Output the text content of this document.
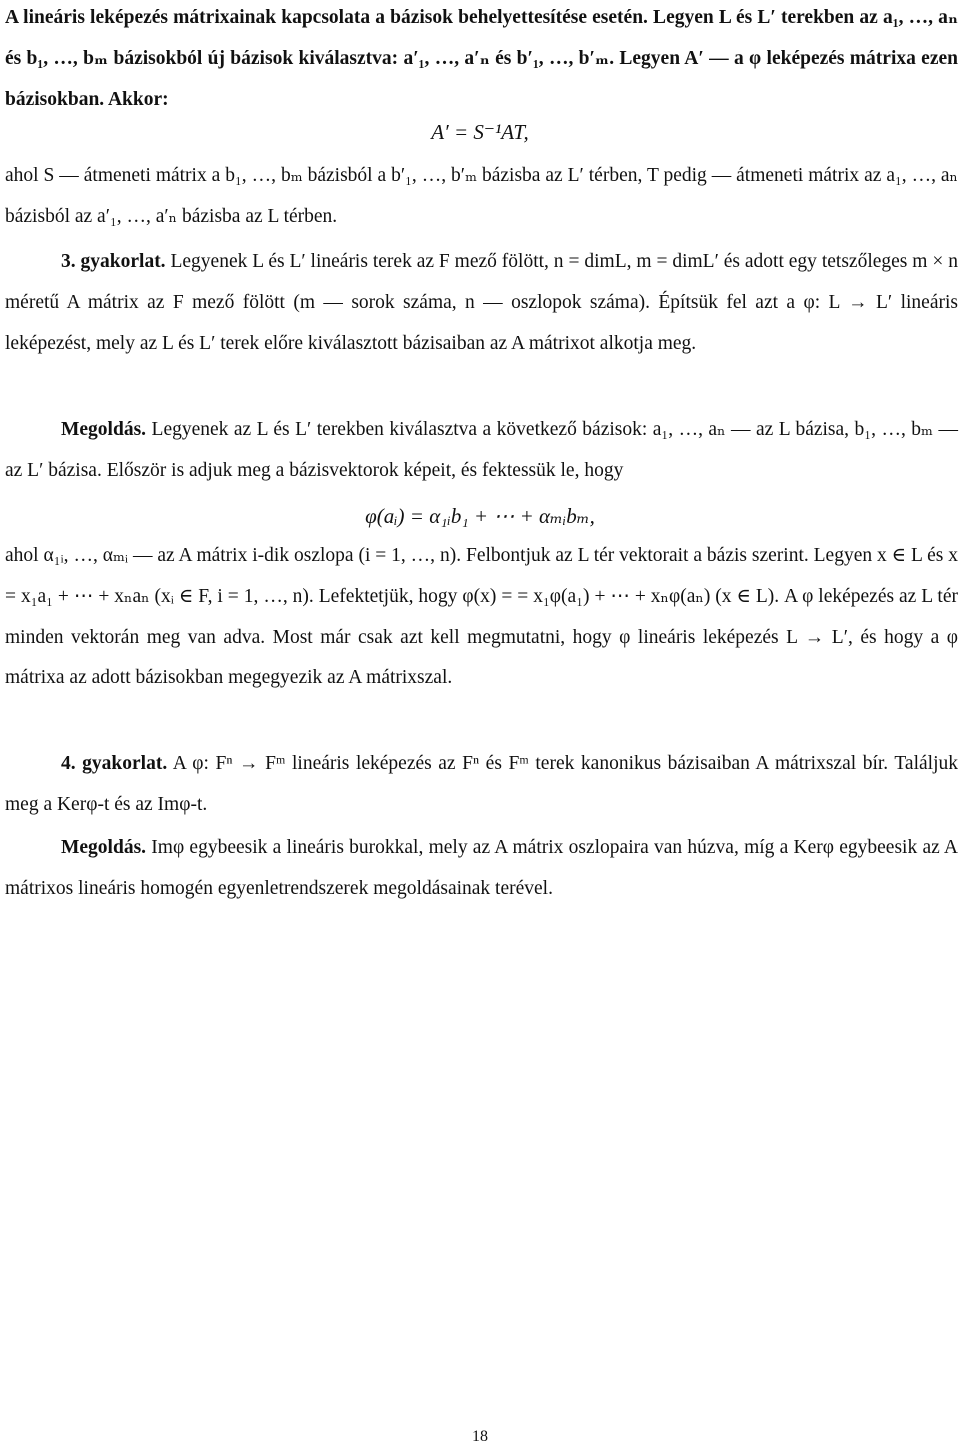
A lineáris leképezés mátrixainak kapcsolata a bázisok behelyettesítése esetén. Legyen L és L′ terekben az a₁, …, aₙ és b₁, …, bₘ bázisokból új bázisok kiválasztva: a′₁, …, a′ₙ és b′₁, …, b′ₘ. Legyen A′ — a φ leképezés mátrixa ezen bázisokban. Akkor:

A′ = S⁻¹AT,

ahol S — átmeneti mátrix a b₁, …, bₘ bázisból a b′₁, …, b′ₘ bázisba az L′ térben, T pedig — átmeneti mátrix az a₁, …, aₙ bázisból az a′₁, …, a′ₙ bázisba az L térben.

3. gyakorlat. Legyenek L és L′ lineáris terek az F mező fölött, n = dimL, m = dimL′ és adott egy tetszőleges m × n méretű A mátrix az F mező fölött (m — sorok száma, n — oszlopok száma). Építsük fel azt a φ: L → L′ lineáris leképezést, mely az L és L′ terek előre kiválasztott bázisaiban az A mátrixot alkotja meg.

Megoldás. Legyenek az L és L′ terekben kiválasztva a következő bázisok: a₁, …, aₙ — az L bázisa, b₁, …, bₘ — az L′ bázisa. Először is adjuk meg a bázisvektorok képeit, és fektessük le, hogy

φ(aᵢ) = α₁ᵢb₁ + ⋯ + αₘᵢbₘ,

ahol α₁ᵢ, …, αₘᵢ — az A mátrix i-dik oszlopa (i = 1, …, n). Felbontjuk az L tér vektorait a bázis szerint. Legyen x ∈ L és x = x₁a₁ + ⋯ + xₙaₙ (xᵢ ∈ F, i = 1, …, n). Lefektetjük, hogy φ(x) = = x₁φ(a₁) + ⋯ + xₙφ(aₙ) (x ∈ L). A φ leképezés az L tér minden vektorán meg van adva. Most már csak azt kell megmutatni, hogy φ lineáris leképezés L → L′, és hogy a φ mátrixa az adott bázisokban megegyezik az A mátrixszal.

4. gyakorlat. A φ: Fⁿ → Fᵐ lineáris leképezés az Fⁿ és Fᵐ terek kanonikus bázisaiban A mátrixszal bír. Találjuk meg a Kerφ-t és az Imφ-t.

Megoldás. Imφ egybeesik a lineáris burokkal, mely az A mátrix oszlopaira van húzva, míg a Kerφ egybeesik az A mátrixos lineáris homogén egyenletrendszerek megoldásainak terével.

18
